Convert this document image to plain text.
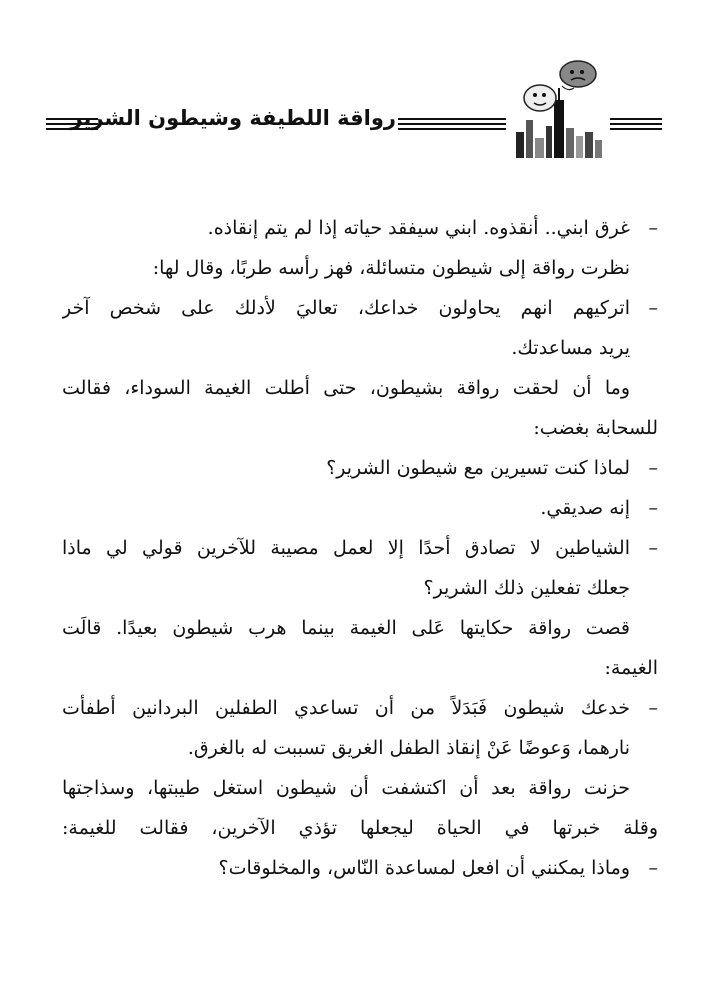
رواقة اللطيفة وشيطون الشرير
– غرق ابني.. أنقذوه. ابني سيفقد حياته إذا لم يتم إنقاذه.
نظرت رواقة إلى شيطون متسائلة، فهز رأسه طربًا، وقال لها:
– اتركيهم انهم يحاولون خداعك، تعاليَ لأدلك على شخص آخر
يريد مساعدتك.
وما أن لحقت رواقة بشيطون، حتى أطلت الغيمة السوداء، فقالت
للسحابة بغضب:
– لماذا كنت تسيرين مع شيطون الشرير؟
– إنه صديقي.
– الشياطين لا تصادق أحدًا إلا لعمل مصيبة للآخرين قولي لي ماذا
جعلك تفعلين ذلك الشرير؟
قصت رواقة حكايتها عَلى الغيمة بينما هرب شيطون بعيدًا. قالَت
الغيمة:
– خدعك شيطون فَبَدَلاً من أن تساعدي الطفلين البردانين أطفأت
نارهما، وَعوضًا عَنْ إنقاذ الطفل الغريق تسببت له بالغرق.
حزنت رواقة بعد أن اكتشفت أن شيطون استغل طيبتها، وسذاجتها
وقلة خبرتها في الحياة ليجعلها تؤذي الآخرين، فقالت للغيمة:
– وماذا يمكنني أن افعل لمساعدة النّاس، والمخلوقات؟
